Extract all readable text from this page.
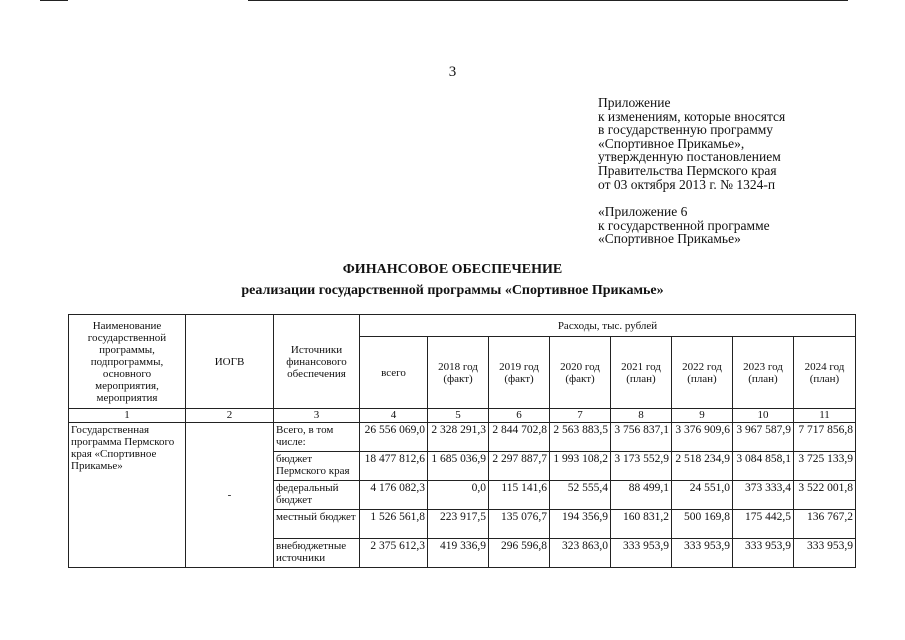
3
Приложение
к изменениям, которые вносятся
в государственную программу
«Спортивное Прикамье»,
утвержденную постановлением
Правительства Пермского края
от 03 октября 2013 г. № 1324-п
«Приложение 6
к государственной программе
«Спортивное Прикамье»
ФИНАНСОВОЕ ОБЕСПЕЧЕНИЕ
реализации государственной программы «Спортивное Прикамье»
Наименование государственной программы, подпрограммы, основного мероприятия, мероприятия	ИОГВ	Источники финансового обеспечения	Расходы, тыс. рублей							
			всего	2018 год (факт)	2019 год (факт)	2020 год (факт)	2021 год (план)	2022 год (план)	2023 год (план)	2024 год (план)
1	2	3	4	5	6	7	8	9	10	11
Государственная программа Пермского края «Спортивное Прикамье»	-	Всего, в том числе:	26 556 069,0	2 328 291,3	2 844 702,8	2 563 883,5	3 756 837,1	3 376 909,6	3 967 587,9	7 717 856,8
		бюджет Пермского края	18 477 812,6	1 685 036,9	2 297 887,7	1 993 108,2	3 173 552,9	2 518 234,9	3 084 858,1	3 725 133,9
		федеральный бюджет	4 176 082,3	0,0	115 141,6	52 555,4	88 499,1	24 551,0	373 333,4	3 522 001,8
		местный бюджет	1 526 561,8	223 917,5	135 076,7	194 356,9	160 831,2	500 169,8	175 442,5	136 767,2
		внебюджетные источники	2 375 612,3	419 336,9	296 596,8	323 863,0	333 953,9	333 953,9	333 953,9	333 953,9
